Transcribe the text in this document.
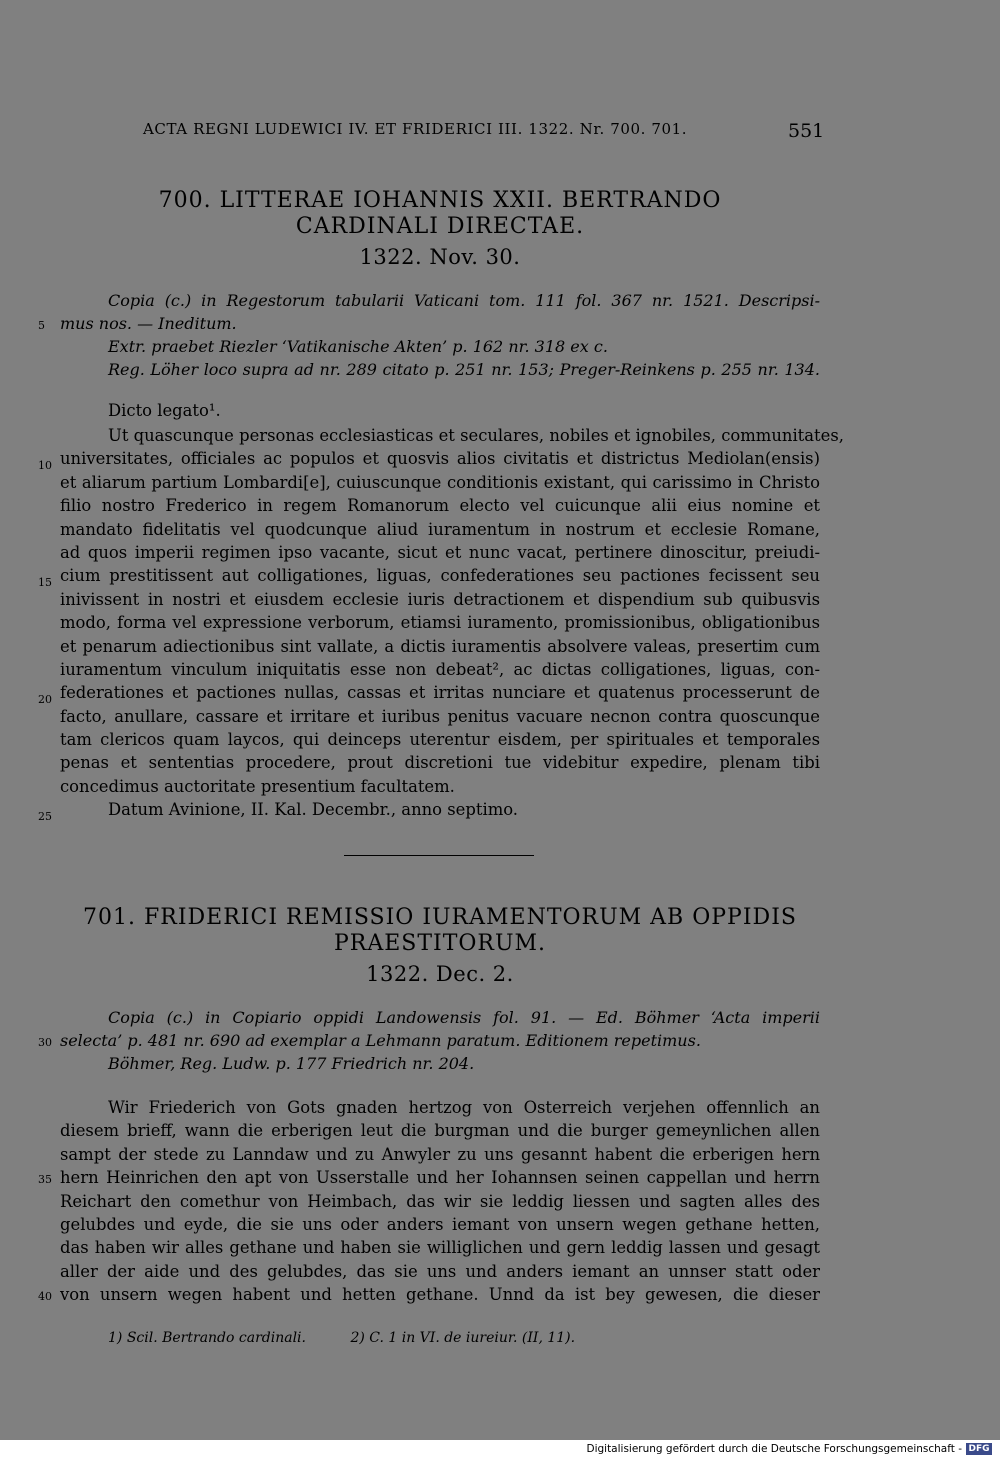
ACTA REGNI LUDEWICI IV. ET FRIDERICI III. 1322. Nr. 700. 701.	551
700. LITTERAE IOHANNIS XXII. BERTRANDO
CARDINALI DIRECTAE.
1322. Nov. 30.

Copia (c.) in Regestorum tabularii Vaticani tom. 111 fol. 367 nr. 1521. Descripsi-

mus nos. — Ineditum.

Extr. praebet Riezler ‘Vatikanische Akten’ p. 162 nr. 318 ex c.

Reg. Löher loco supra ad nr. 289 citato p. 251 nr. 153; Preger-Reinkens p. 255 nr. 134.

Dicto legato¹.
Ut quascunque personas ecclesiasticas et seculares, nobiles et ignobiles, communitates,
universitates, officiales ac populos et quosvis alios civitatis et districtus Mediolan(ensis)
et aliarum partium Lombardi[e], cuiuscunque conditionis existant, qui carissimo in Christo
filio nostro Frederico in regem Romanorum electo vel cuicunque alii eius nomine et
mandato fidelitatis vel quodcunque aliud iuramentum in nostrum et ecclesie Romane,
ad quos imperii regimen ipso vacante, sicut et nunc vacat, pertinere dinoscitur, preiudi-
cium prestitissent aut colligationes, liguas, confederationes seu pactiones fecissent seu
inivissent in nostri et eiusdem ecclesie iuris detractionem et dispendium sub quibusvis
modo, forma vel expressione verborum, etiamsi iuramento, promissionibus, obligationibus
et penarum adiectionibus sint vallate, a dictis iuramentis absolvere valeas, presertim cum
iuramentum vinculum iniquitatis esse non debeat², ac dictas colligationes, liguas, con-
federationes et pactiones nullas, cassas et irritas nunciare et quatenus processerunt de
facto, anullare, cassare et irritare et iuribus penitus vacuare necnon contra quoscunque
tam clericos quam laycos, qui deinceps uterentur eisdem, per spirituales et temporales
penas et sententias procedere, prout discretioni tue videbitur expedire, plenam tibi
concedimus auctoritate presentium facultatem.
Datum Avinione, II. Kal. Decembr., anno septimo.
701. FRIDERICI REMISSIO IURAMENTORUM AB OPPIDIS
PRAESTITORUM.
1322. Dec. 2.

Copia (c.) in Copiario oppidi Landowensis fol. 91. — Ed. Böhmer ‘Acta imperii

selecta’ p. 481 nr. 690 ad exemplar a Lehmann paratum. Editionem repetimus.

Böhmer, Reg. Ludw. p. 177 Friedrich nr. 204.

Wir Friederich von Gots gnaden hertzog von Osterreich verjehen offennlich an
diesem brieff, wann die erberigen leut die burgman und die burger gemeynlichen allen
sampt der stede zu Lanndaw und zu Anwyler zu uns gesannt habent die erberigen hern
hern Heinrichen den apt von Usserstalle und her Iohannsen seinen cappellan und herrn
Reichart den comethur von Heimbach, das wir sie leddig liessen und sagten alles des
gelubdes und eyde, die sie uns oder anders iemant von unsern wegen gethane hetten,
das haben wir alles gethane und haben sie williglichen und gern leddig lassen und gesagt
aller der aide und des gelubdes, das sie uns und anders iemant an unnser statt oder
von unsern wegen habent und hetten gethane. Unnd da ist bey gewesen, die dieser
5
10
15
20
25
30
35
40
1) Scil. Bertrando cardinali.	2) C. 1 in VI. de iureiur. (II, 11).
Digitalisierung gefördert durch die Deutsche Forschungsgemeinschaft - DFG
